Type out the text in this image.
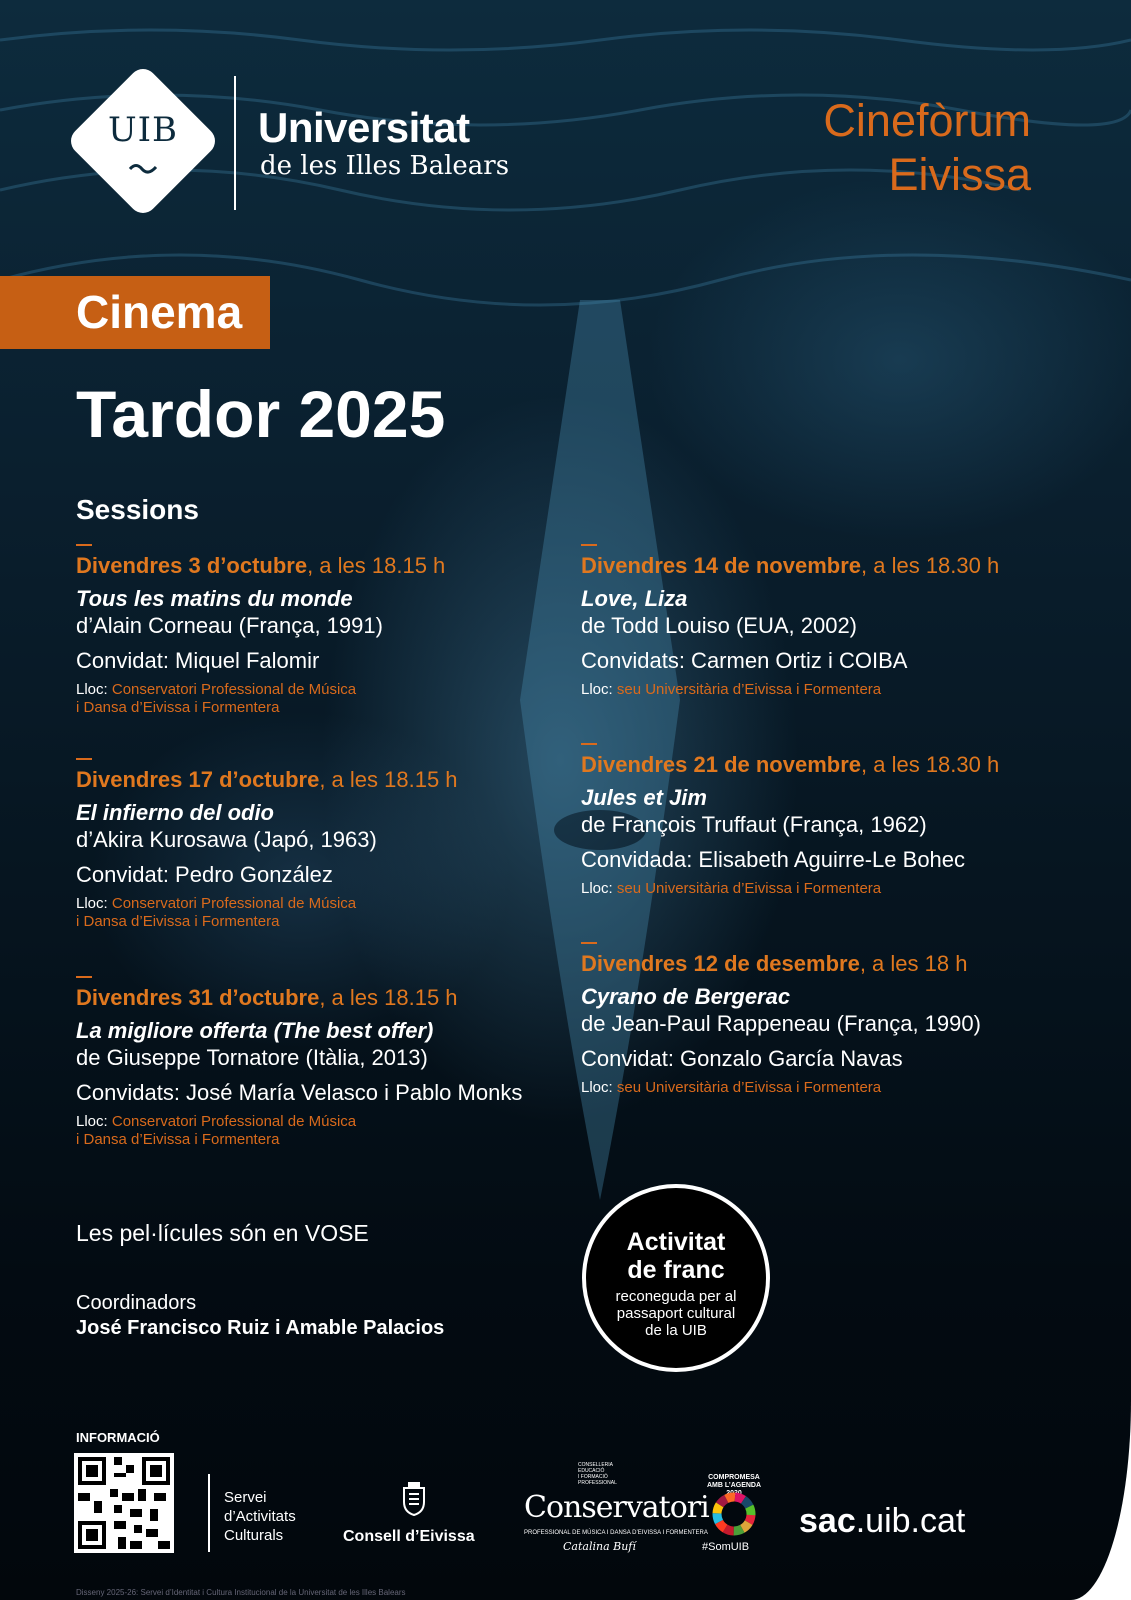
UIB	Universitat
de les Illes Balears
Cinefòrum
Eivissa
Cinema
Tardor 2025
Sessions
Divendres 3 d’octubre, a les 18.15 h
Tous les matins du monde
d’Alain Corneau (França, 1991)
Convidat: Miquel Falomir
Lloc: Conservatori Professional de Música
i Dansa d’Eivissa i Formentera
Divendres 17 d’octubre, a les 18.15 h
El infierno del odio
d’Akira Kurosawa (Japó, 1963)
Convidat: Pedro González
Lloc: Conservatori Professional de Música
i Dansa d’Eivissa i Formentera
Divendres 31 d’octubre, a les 18.15 h
La migliore offerta (The best offer)
de Giuseppe Tornatore (Itàlia, 2013)
Convidats: José María Velasco i Pablo Monks
Lloc: Conservatori Professional de Música
i Dansa d’Eivissa i Formentera
Divendres 14 de novembre, a les 18.30 h
Love, Liza
de Todd Louiso (EUA, 2002)
Convidats: Carmen Ortiz i COIBA
Lloc: seu Universitària d’Eivissa i Formentera
Divendres 21 de novembre, a les 18.30 h
Jules et Jim
de François Truffaut (França, 1962)
Convidada: Elisabeth Aguirre-Le Bohec
Lloc: seu Universitària d’Eivissa i Formentera
Divendres 12 de desembre, a les 18 h
Cyrano de Bergerac
de Jean-Paul Rappeneau (França, 1990)
Convidat: Gonzalo García Navas
Lloc: seu Universitària d’Eivissa i Formentera
Les pel·lícules són en VOSE
Coordinadors
José Francisco Ruiz i Amable Palacios
Activitat
de franc
reconeguda per al
passaport cultural
de la UIB
INFORMACIÓ
Servei
d’Activitats
Culturals	Consell d’Eivissa
CONSELLERIA
EDUCACIÓ
I FORMACIÓ
PROFESSIONAL
Conservatori
PROFESSIONAL DE MÚSICA I DANSA D’EIVISSA I FORMENTERA
Catalina Bufí
COMPROMESA
AMB L’AGENDA 2030
#SomUIB
sac.uib.cat
Disseny 2025-26: Servei d’Identitat i Cultura Institucional de la Universitat de les Illes Balears
